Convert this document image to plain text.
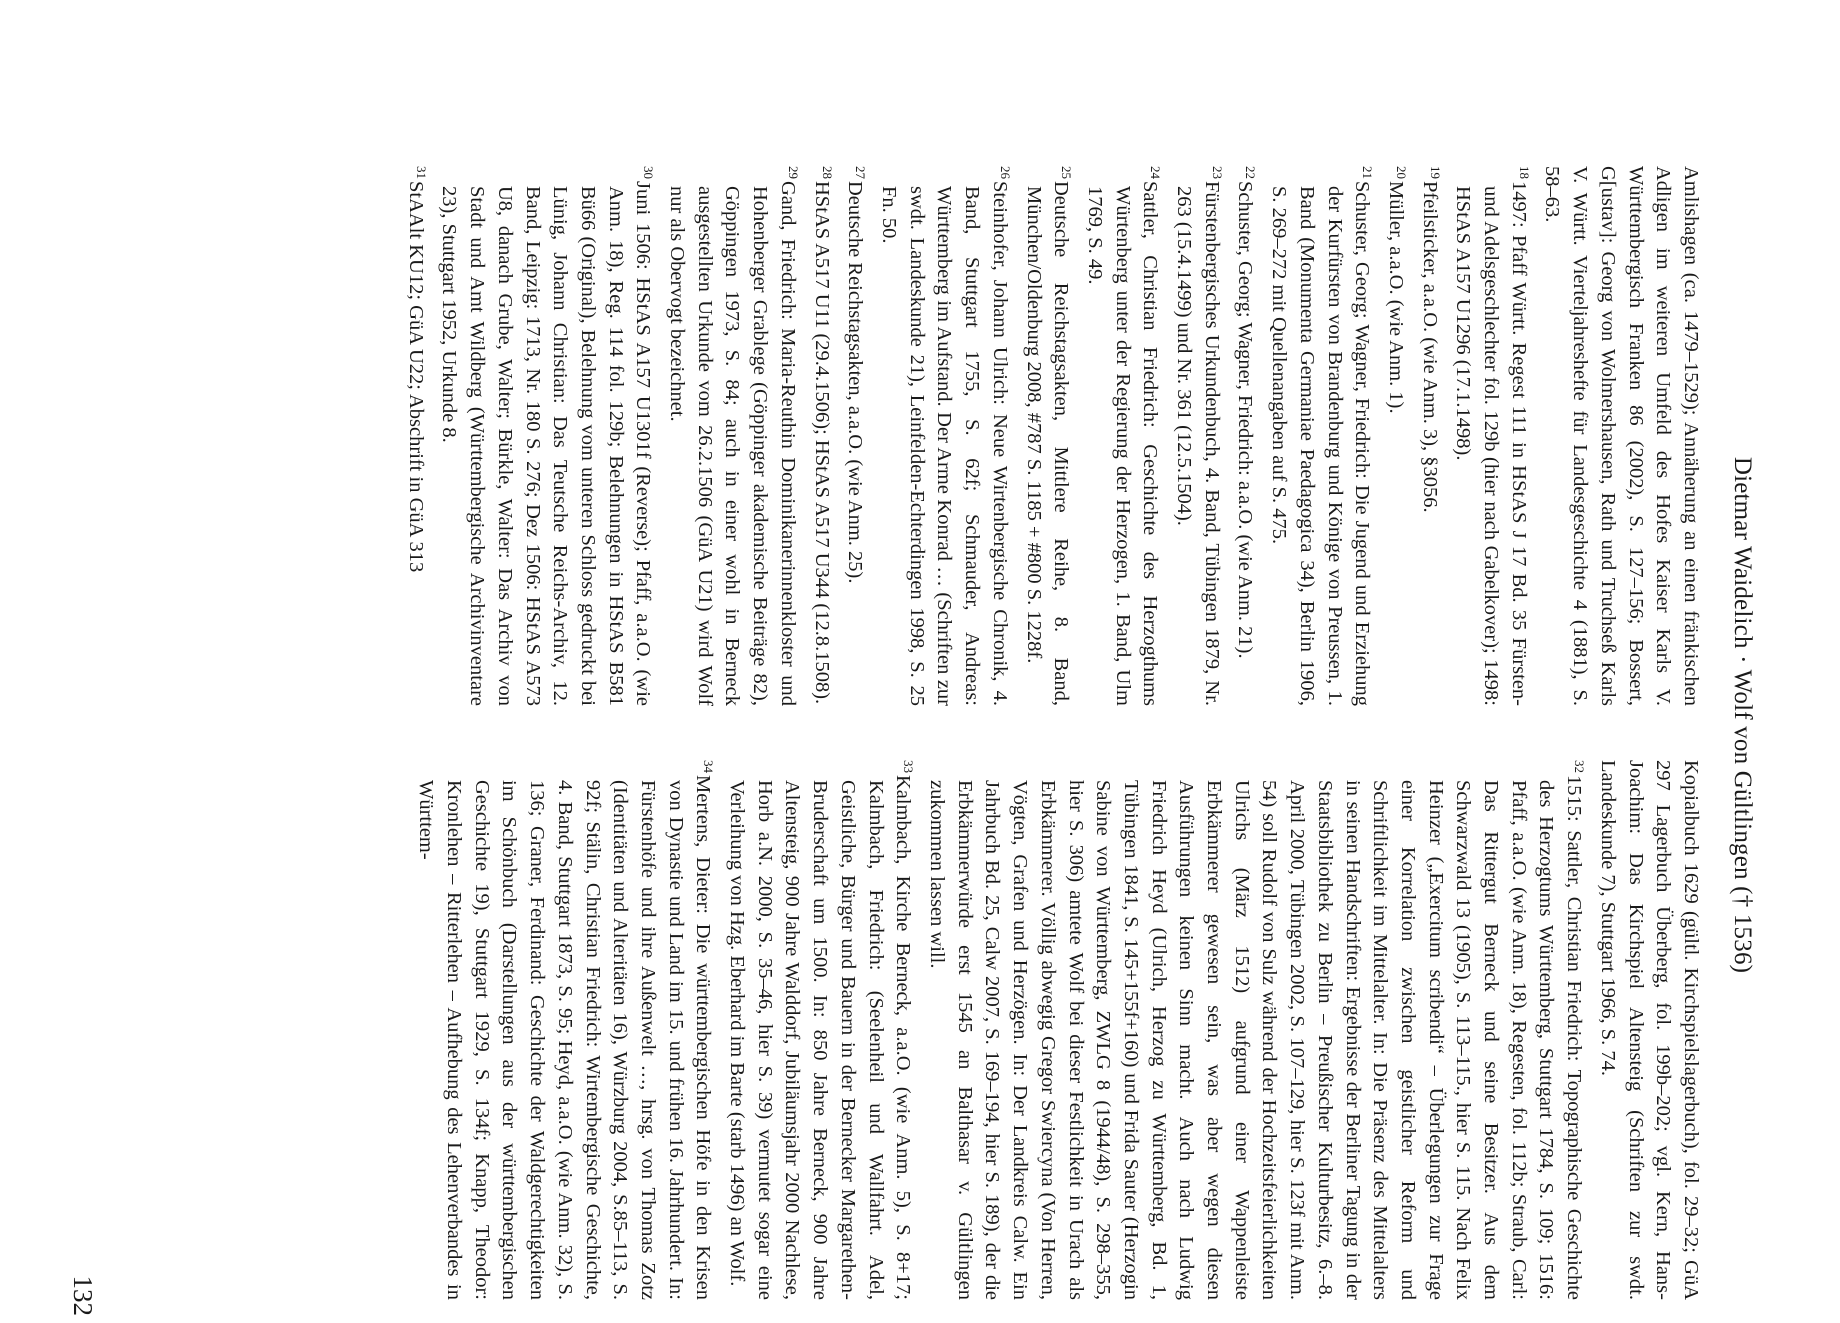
Dietmar Waidelich · Wolf von Gültlingen († 1536)

Amlishagen (ca. 1479–1529); Annäherung an einen fränkischen Adligen im weiteren Umfeld des Hofes Kaiser Karls V. Württembergisch Franken 86 (2002), S. 127–156; Bossert, G[ustav]: Georg von Wolmershausen, Rath und Truchseß Karls V. Württ. Vierteljahreshefte für Landesgeschichte 4 (1881), S. 58–63.

$^{18}$1497: Pfaff Württ. Regest 111 in HStAS J 17 Bd. 35 Fürsten- und Adelsgeschlechter fol. 129b (hier nach Gabelkover); 1498: HStAS A157 U1296 (17.1.1498).

$^{19}$Pfeilsticker, a.a.O. (wie Anm. 3), §3056.

$^{20}$Müller, a.a.O. (wie Anm. 1).

$^{21}$Schuster, Georg; Wagner, Friedrich: Die Jugend und Erziehung der Kurfürsten von Brandenburg und Könige von Preussen, 1. Band (Monumenta Germaniae Paedagogica 34), Berlin 1906, S. 269–272 mit Quellenangaben auf S. 475.

$^{22}$Schuster, Georg; Wagner, Friedrich: a.a.O. (wie Anm. 21).

$^{23}$Fürstenbergisches Urkundenbuch, 4. Band, Tübingen 1879, Nr. 263 (15.4.1499) und Nr. 361 (12.5.1504).

$^{24}$Sattler, Christian Friedrich: Geschichte des Herzogthums Würtenberg unter der Regierung der Herzogen, 1. Band, Ulm 1769, S. 49.

$^{25}$Deutsche Reichstagsakten, Mittlere Reihe, 8. Band, München/Oldenburg 2008, #787 S. 1185 + #800 S. 1228f.

$^{26}$Steinhofer, Johann Ulrich: Neue Wirtenbergische Chronik, 4. Band, Stuttgart 1755, S. 62f; Schmauder, Andreas: Württemberg im Aufstand. Der Arme Konrad … (Schriften zur swdt. Landeskunde 21), Leinfelden-Echterdingen 1998, S. 25 Fn. 50.

$^{27}$Deutsche Reichstagsakten, a.a.O. (wie Anm. 25).

$^{28}$HStAS A517 U11 (29.4.1506); HStAS A517 U344 (12.8.1508).

$^{29}$Gand, Friedrich: Maria-Reuthin Dominikanerinnenkloster und Hohenberger Grablege (Göppinger akademische Beiträge 82), Göppingen 1973, S. 84; auch in einer wohl in Berneck ausgestellten Urkunde vom 26.2.1506 (GüA U21) wird Wolf nur als Obervogt bezeichnet.

$^{30}$Juni 1506: HStAS A157 U1301f (Reverse); Pfaff, a.a.O. (wie Anm. 18), Reg. 114 fol. 129b; Belehnungen in HStAS B581 Bü66 (Original), Belehnung vom unteren Schloss gedruckt bei Lünig, Johann Christian: Das Teutsche Reichs-Archiv, 12. Band, Leipzig: 1713, Nr. 180 S. 276; Dez 1506: HStAS A573 U8, danach Grube, Walter; Bürkle, Walter: Das Archiv von Stadt und Amt Wildberg (Württembergische Archivinventare 23), Stuttgart 1952, Urkunde 8.

$^{31}$StAAlt KU12; GüA U22; Abschrift in GüA 313

Kopialbuch 1629 (gültl. Kirchspielslagerbuch), fol. 29–32; GüA 297 Lagerbuch Überberg, fol. 199b–202; vgl. Kern, Hans-Joachim: Das Kirchspiel Altensteig (Schriften zur swdt. Landeskunde 7), Stuttgart 1966, S. 74.

$^{32}$1515: Sattler, Christian Friedrich: Topographische Geschichte des Herzogtums Württemberg, Stuttgart 1784, S. 109; 1516: Pfaff, a.a.O. (wie Anm. 18), Regesten, fol. 112b; Straub, Carl: Das Rittergut Berneck und seine Besitzer. Aus dem Schwarzwald 13 (1905), S. 113–115., hier S. 115. Nach Felix Heinzer („Exercitum scribendi“ – Überlegungen zur Frage einer Korrelation zwischen geistlicher Reform und Schriftlichkeit im Mittelalter. In: Die Präsenz des Mittelalters in seinen Handschriften: Ergebnisse der Berliner Tagung in der Staatsbibliothek zu Berlin – Preußischer Kulturbesitz, 6.–8. April 2000, Tübingen 2002, S. 107–129, hier S. 123f mit Anm. 54) soll Rudolf von Sulz während der Hochzeitsfeierlichkeiten Ulrichs (März 1512) aufgrund einer Wappenleiste Erbkämmerer gewesen sein, was aber wegen diesen Ausführungen keinen Sinn macht. Auch nach Ludwig Friedrich Heyd (Ulrich, Herzog zu Württemberg, Bd. 1, Tübingen 1841, S. 145+155f+160) und Frida Sauter (Herzogin Sabine von Württemberg, ZWLG 8 (1944/48), S. 298–355, hier S. 306) amtete Wolf bei dieser Festlichkeit in Urach als Erbkämmerer. Völlig abwegig Gregor Swiercyna (Von Herren, Vögten, Grafen und Herzögen. In: Der Landkreis Calw. Ein Jahrbuch Bd. 25, Calw 2007, S. 169–194, hier S. 189), der die Erbkämmerwürde erst 1545 an Balthasar v. Gültlingen zukommen lassen will.

$^{33}$Kalmbach, Kirche Berneck, a.a.O. (wie Anm. 5), S. 8+17; Kalmbach, Friedrich: (Seelenheil und Wallfahrt. Adel, Geistliche, Bürger und Bauern in der Bernecker Margarethen-Bruderschaft um 1500. In: 850 Jahre Berneck, 900 Jahre Altensteig, 900 Jahre Walddorf, Jubiläumsjahr 2000 Nachlese, Horb a.N. 2000, S. 35–46, hier S. 39) vermutet sogar eine Verleihung von Hzg. Eberhard im Barte (starb 1496) an Wolf.

$^{34}$Mertens, Dieter: Die württembergischen Höfe in den Krisen von Dynastie und Land im 15. und frühen 16. Jahrhundert. In: Fürstenhöfe und ihre Außenwelt …, hrsg. von Thomas Zotz (Identitäten und Alteritäten 16), Würzburg 2004, S.85–113, S. 92f; Stälin, Christian Friedrich: Wirtembergische Geschichte, 4. Band, Stuttgart 1873, S. 95; Heyd, a.a.O. (wie Anm. 32), S. 136; Graner, Ferdinand: Geschichte der Waldgerechtigkeiten im Schönbuch (Darstellungen aus der württembergischen Geschichte 19), Stuttgart 1929, S. 134f; Knapp, Theodor: Kronlehen – Ritterlehen – Aufhebung des Lehenverbandes in Württem-

132
